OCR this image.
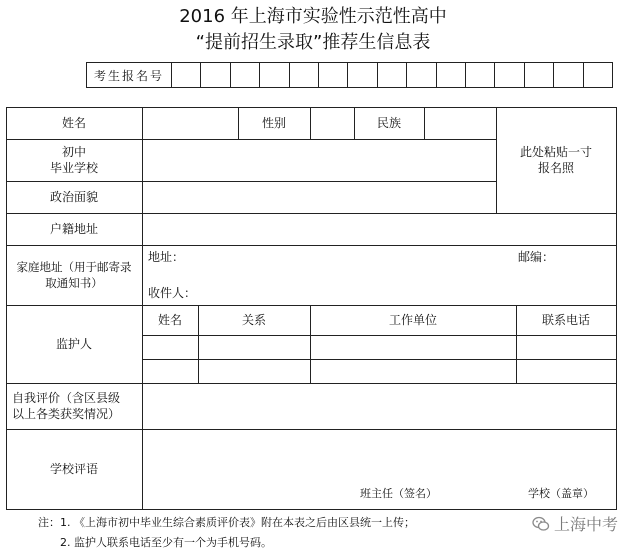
2016 年上海市实验性示范性高中
“提前招生录取”推荐生信息表
考生报名号
姓名	性别	民族
此处粘贴一寸
报名照
初中
毕业学校
政治面貌
户籍地址
家庭地址（用于邮寄录
取通知书）
地址：	邮编：
收件人：
监护人
姓名	关系	工作单位	联系电话
自我评价（含区县级
以上各类获奖情况）
学校评语
班主任（签名）	学校（盖章）
注：1. 《上海市初中毕业生综合素质评价表》附在本表之后由区县统一上传；
2. 监护人联系电话至少有一个为手机号码。
上海中考
